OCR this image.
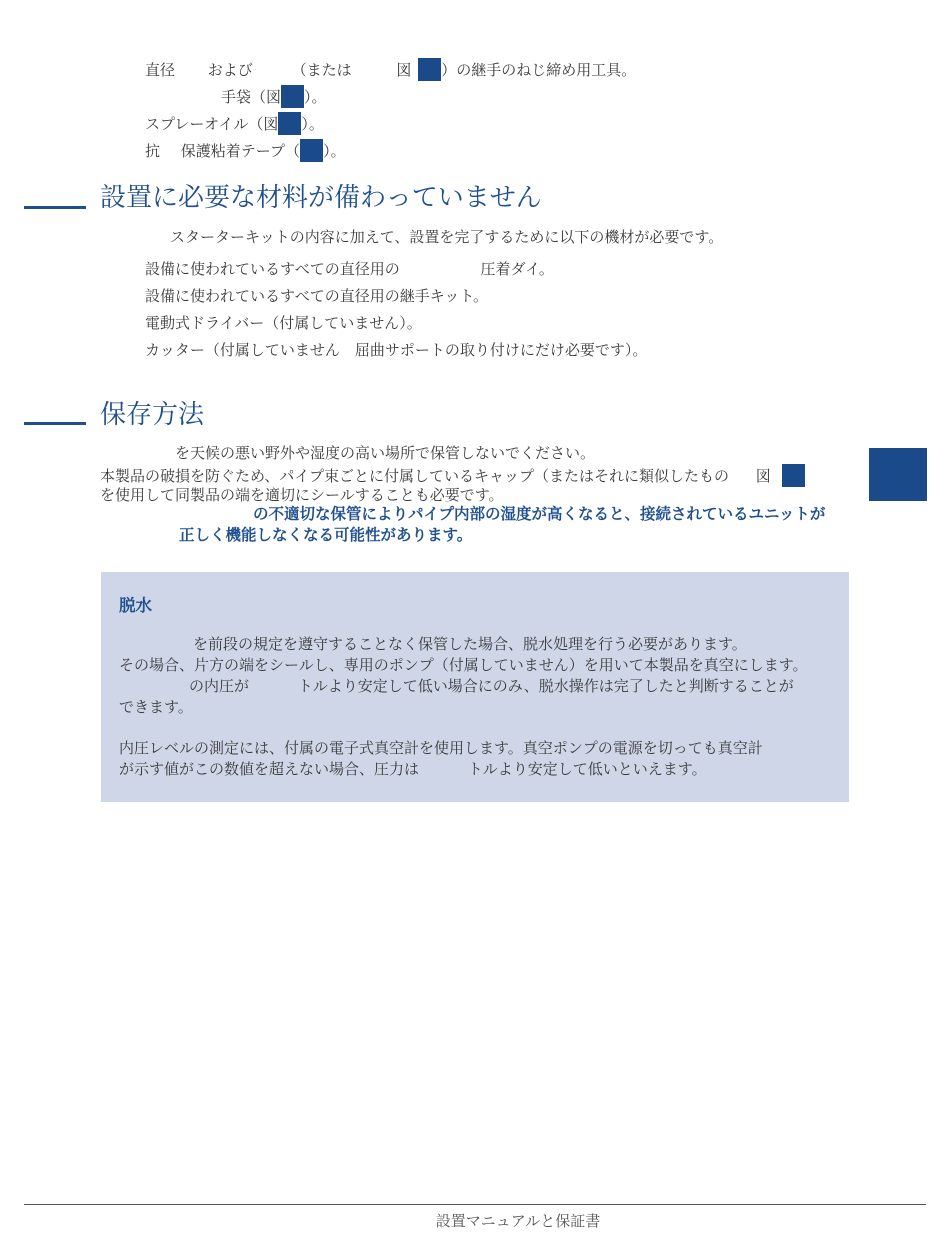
直径 および	（または	図 ）の継手のねじ締め用工具。
手袋（図 ）。
スプレーオイル（図 ）。
抗 保護粘着テープ（ ）。
設置に必要な材料が備わっていません
スターターキットの内容に加えて、設置を完了するために以下の機材が必要です。
設備に使われているすべての直径用の	圧着ダイ。
設備に使われているすべての直径用の継手キット。
電動式ドライバー（付属していません）。
カッター（付属していません　屈曲サポートの取り付けにだけ必要です）。
保存方法
を天候の悪い野外や湿度の高い場所で保管しないでください。
本製品の破損を防ぐため、パイプ束ごとに付属しているキャップ（またはそれに類似したもの 図
を使用して同製品の端を適切にシールすることも必要です。
の不適切な保管によりパイプ内部の湿度が高くなると、接続されているユニットが
正しく機能しなくなる可能性があります。
脱水
を前段の規定を遵守することなく保管した場合、脱水処理を行う必要があります。
その場合、片方の端をシールし、専用のポンプ（付属していません）を用いて本製品を真空にします。
の内圧が	トルより安定して低い場合にのみ、脱水操作は完了したと判断することが
できます。
内圧レベルの測定には、付属の電子式真空計を使用します。真空ポンプの電源を切っても真空計
が示す値がこの数値を超えない場合、圧力は	トルより安定して低いといえます。
設置マニュアルと保証書
